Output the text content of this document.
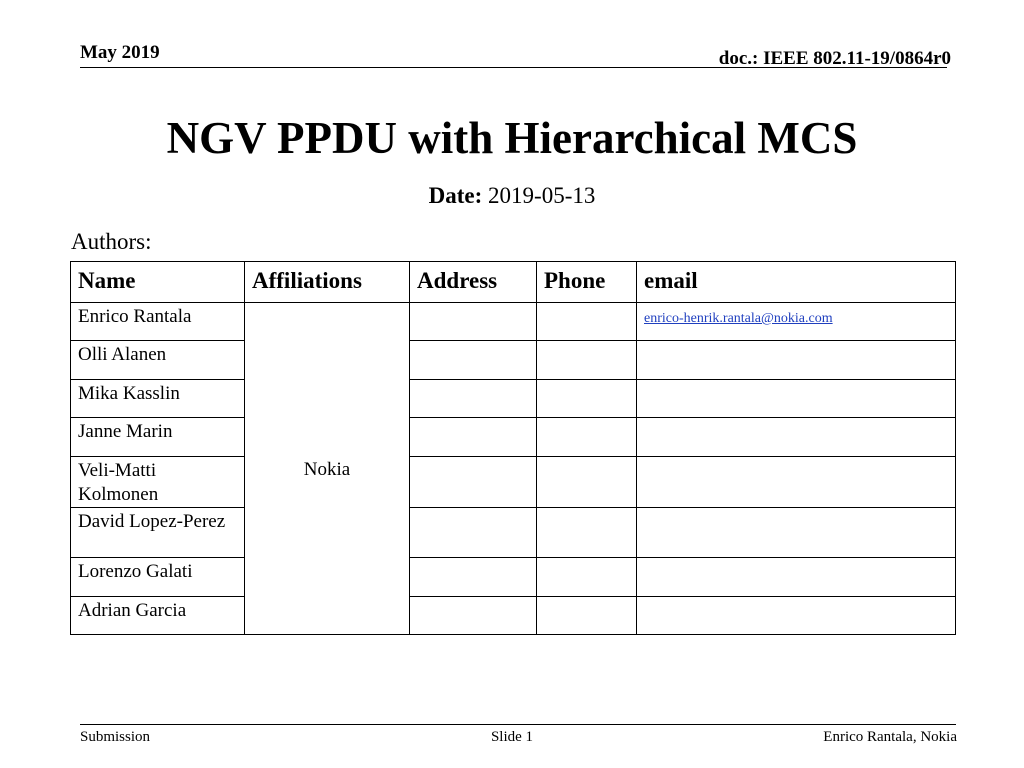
May 2019	doc.: IEEE 802.11-19/0864r0
NGV PPDU with Hierarchical MCS
Date: 2019-05-13
Authors:
Name	Affiliations	Address	Phone	email
Enrico Rantala	Nokia			enrico-henrik.rantala@nokia.com
Olli Alanen				
Mika Kasslin				
Janne Marin				
Veli-Matti Kolmonen				
David Lopez-Perez				
Lorenzo Galati				
Adrian Garcia				
Submission	Slide 1	Enrico Rantala, Nokia
